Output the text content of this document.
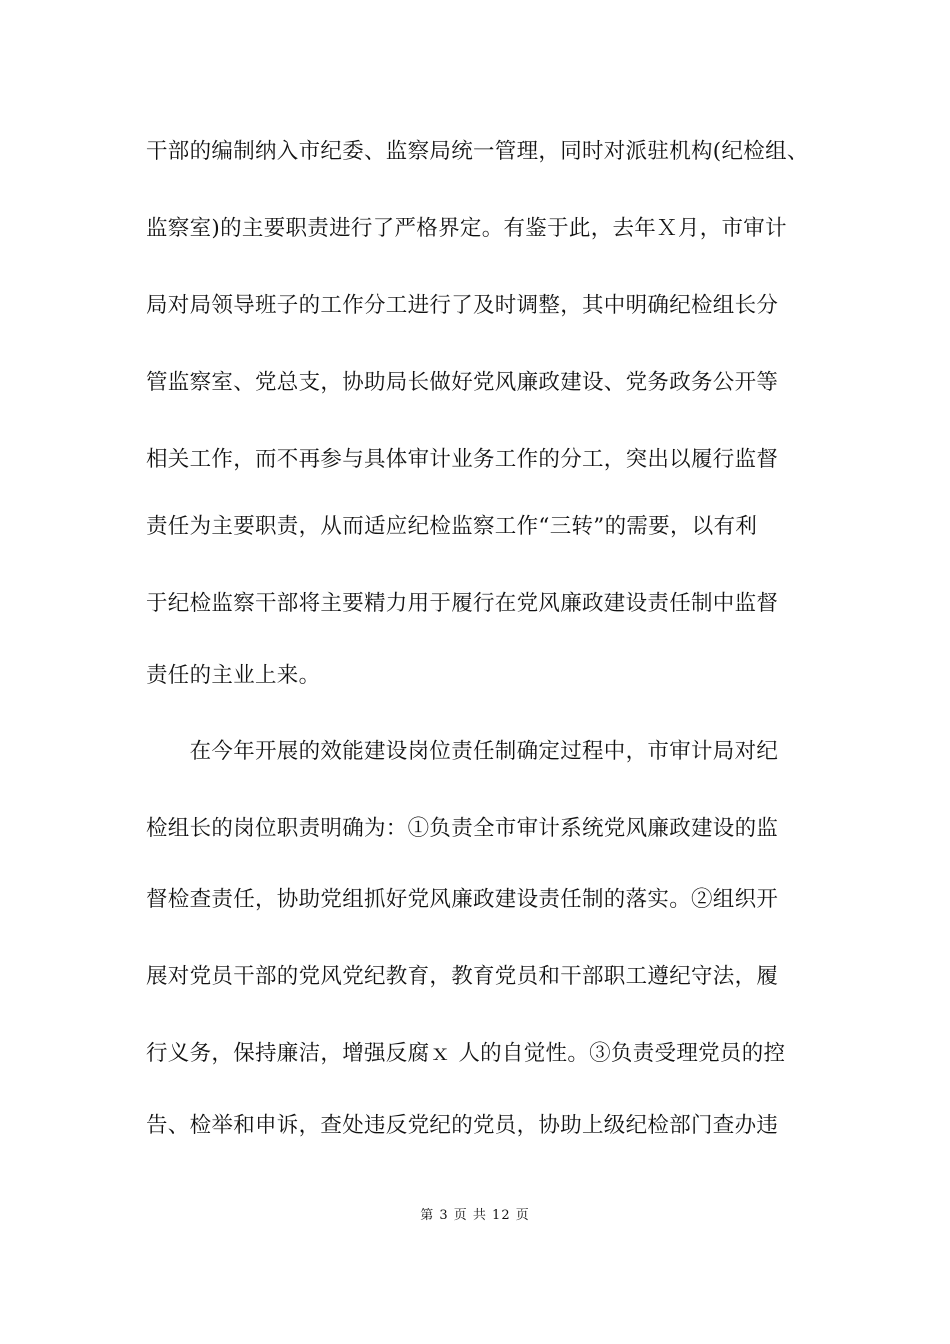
干部的编制纳入市纪委、监察局统一管理，同时对派驻机构(纪检组、
监察室)的主要职责进行了严格界定。有鉴于此，去年Ｘ月，市审计
局对局领导班子的工作分工进行了及时调整，其中明确纪检组长分
管监察室、党总支，协助局长做好党风廉政建设、党务政务公开等
相关工作，而不再参与具体审计业务工作的分工，突出以履行监督
责任为主要职责，从而适应纪检监察工作“三转”的需要，以有利
于纪检监察干部将主要精力用于履行在党风廉政建设责任制中监督
责任的主业上来。
　　在今年开展的效能建设岗位责任制确定过程中，市审计局对纪
检组长的岗位职责明确为：①负责全市审计系统党风廉政建设的监
督检查责任，协助党组抓好党风廉政建设责任制的落实。②组织开
展对党员干部的党风党纪教育，教育党员和干部职工遵纪守法，履
行义务，保持廉洁，增强反腐ｘ 人的自觉性。③负责受理党员的控
告、检举和申诉，查处违反党纪的党员，协助上级纪检部门查办违
第 3 页 共 12 页
